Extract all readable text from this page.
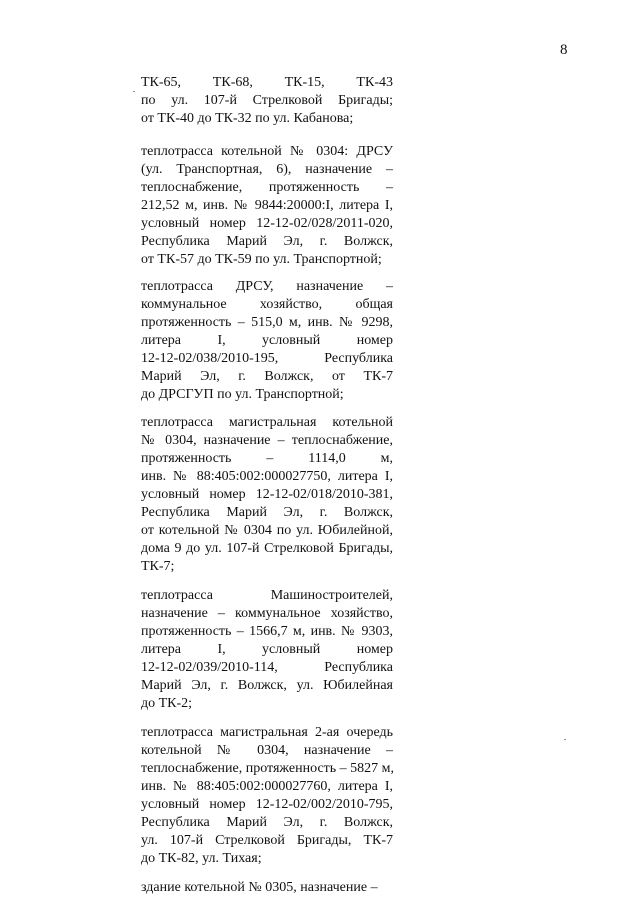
8
ТК-65,   ТК-68,   ТК-15,   ТК-43
по ул. 107-й Стрелковой Бригады;
от ТК-40 до ТК-32 по ул. Кабанова;
теплотрасса котельной № 0304: ДРСУ
(ул. Транспортная, 6), назначение –
теплоснабжение, протяженность –
212,52 м, инв. № 9844:20000:I, литера I,
условный номер 12-12-02/028/2011-020,
Республика Марий Эл, г. Волжск,
от ТК-57 до ТК-59 по ул. Транспортной;
теплотрасса ДРСУ, назначение –
коммунальное хозяйство, общая
протяженность – 515,0 м, инв. № 9298,
литера I, условный номер
12-12-02/038/2010-195, Республика
Марий Эл, г. Волжск, от ТК-7
до ДРСГУП по ул. Транспортной;
теплотрасса магистральная котельной
№ 0304, назначение – теплоснабжение,
протяженность – 1114,0 м,
инв. № 88:405:002:000027750, литера I,
условный номер 12-12-02/018/2010-381,
Республика Марий Эл, г. Волжск,
от котельной № 0304 по ул. Юбилейной,
дома 9 до ул. 107-й Стрелковой Бригады,
ТК-7;
теплотрасса Машиностроителей,
назначение – коммунальное хозяйство,
протяженность – 1566,7 м, инв. № 9303,
литера I, условный номер
12-12-02/039/2010-114, Республика
Марий Эл, г. Волжск, ул. Юбилейная
до ТК-2;
теплотрасса магистральная 2-ая очередь
котельной № 0304, назначение –
теплоснабжение, протяженность – 5827 м,
инв. № 88:405:002:000027760, литера I,
условный номер 12-12-02/002/2010-795,
Республика Марий Эл, г. Волжск,
ул. 107-й Стрелковой Бригады, ТК-7
до ТК-82, ул. Тихая;
здание котельной № 0305, назначение –
